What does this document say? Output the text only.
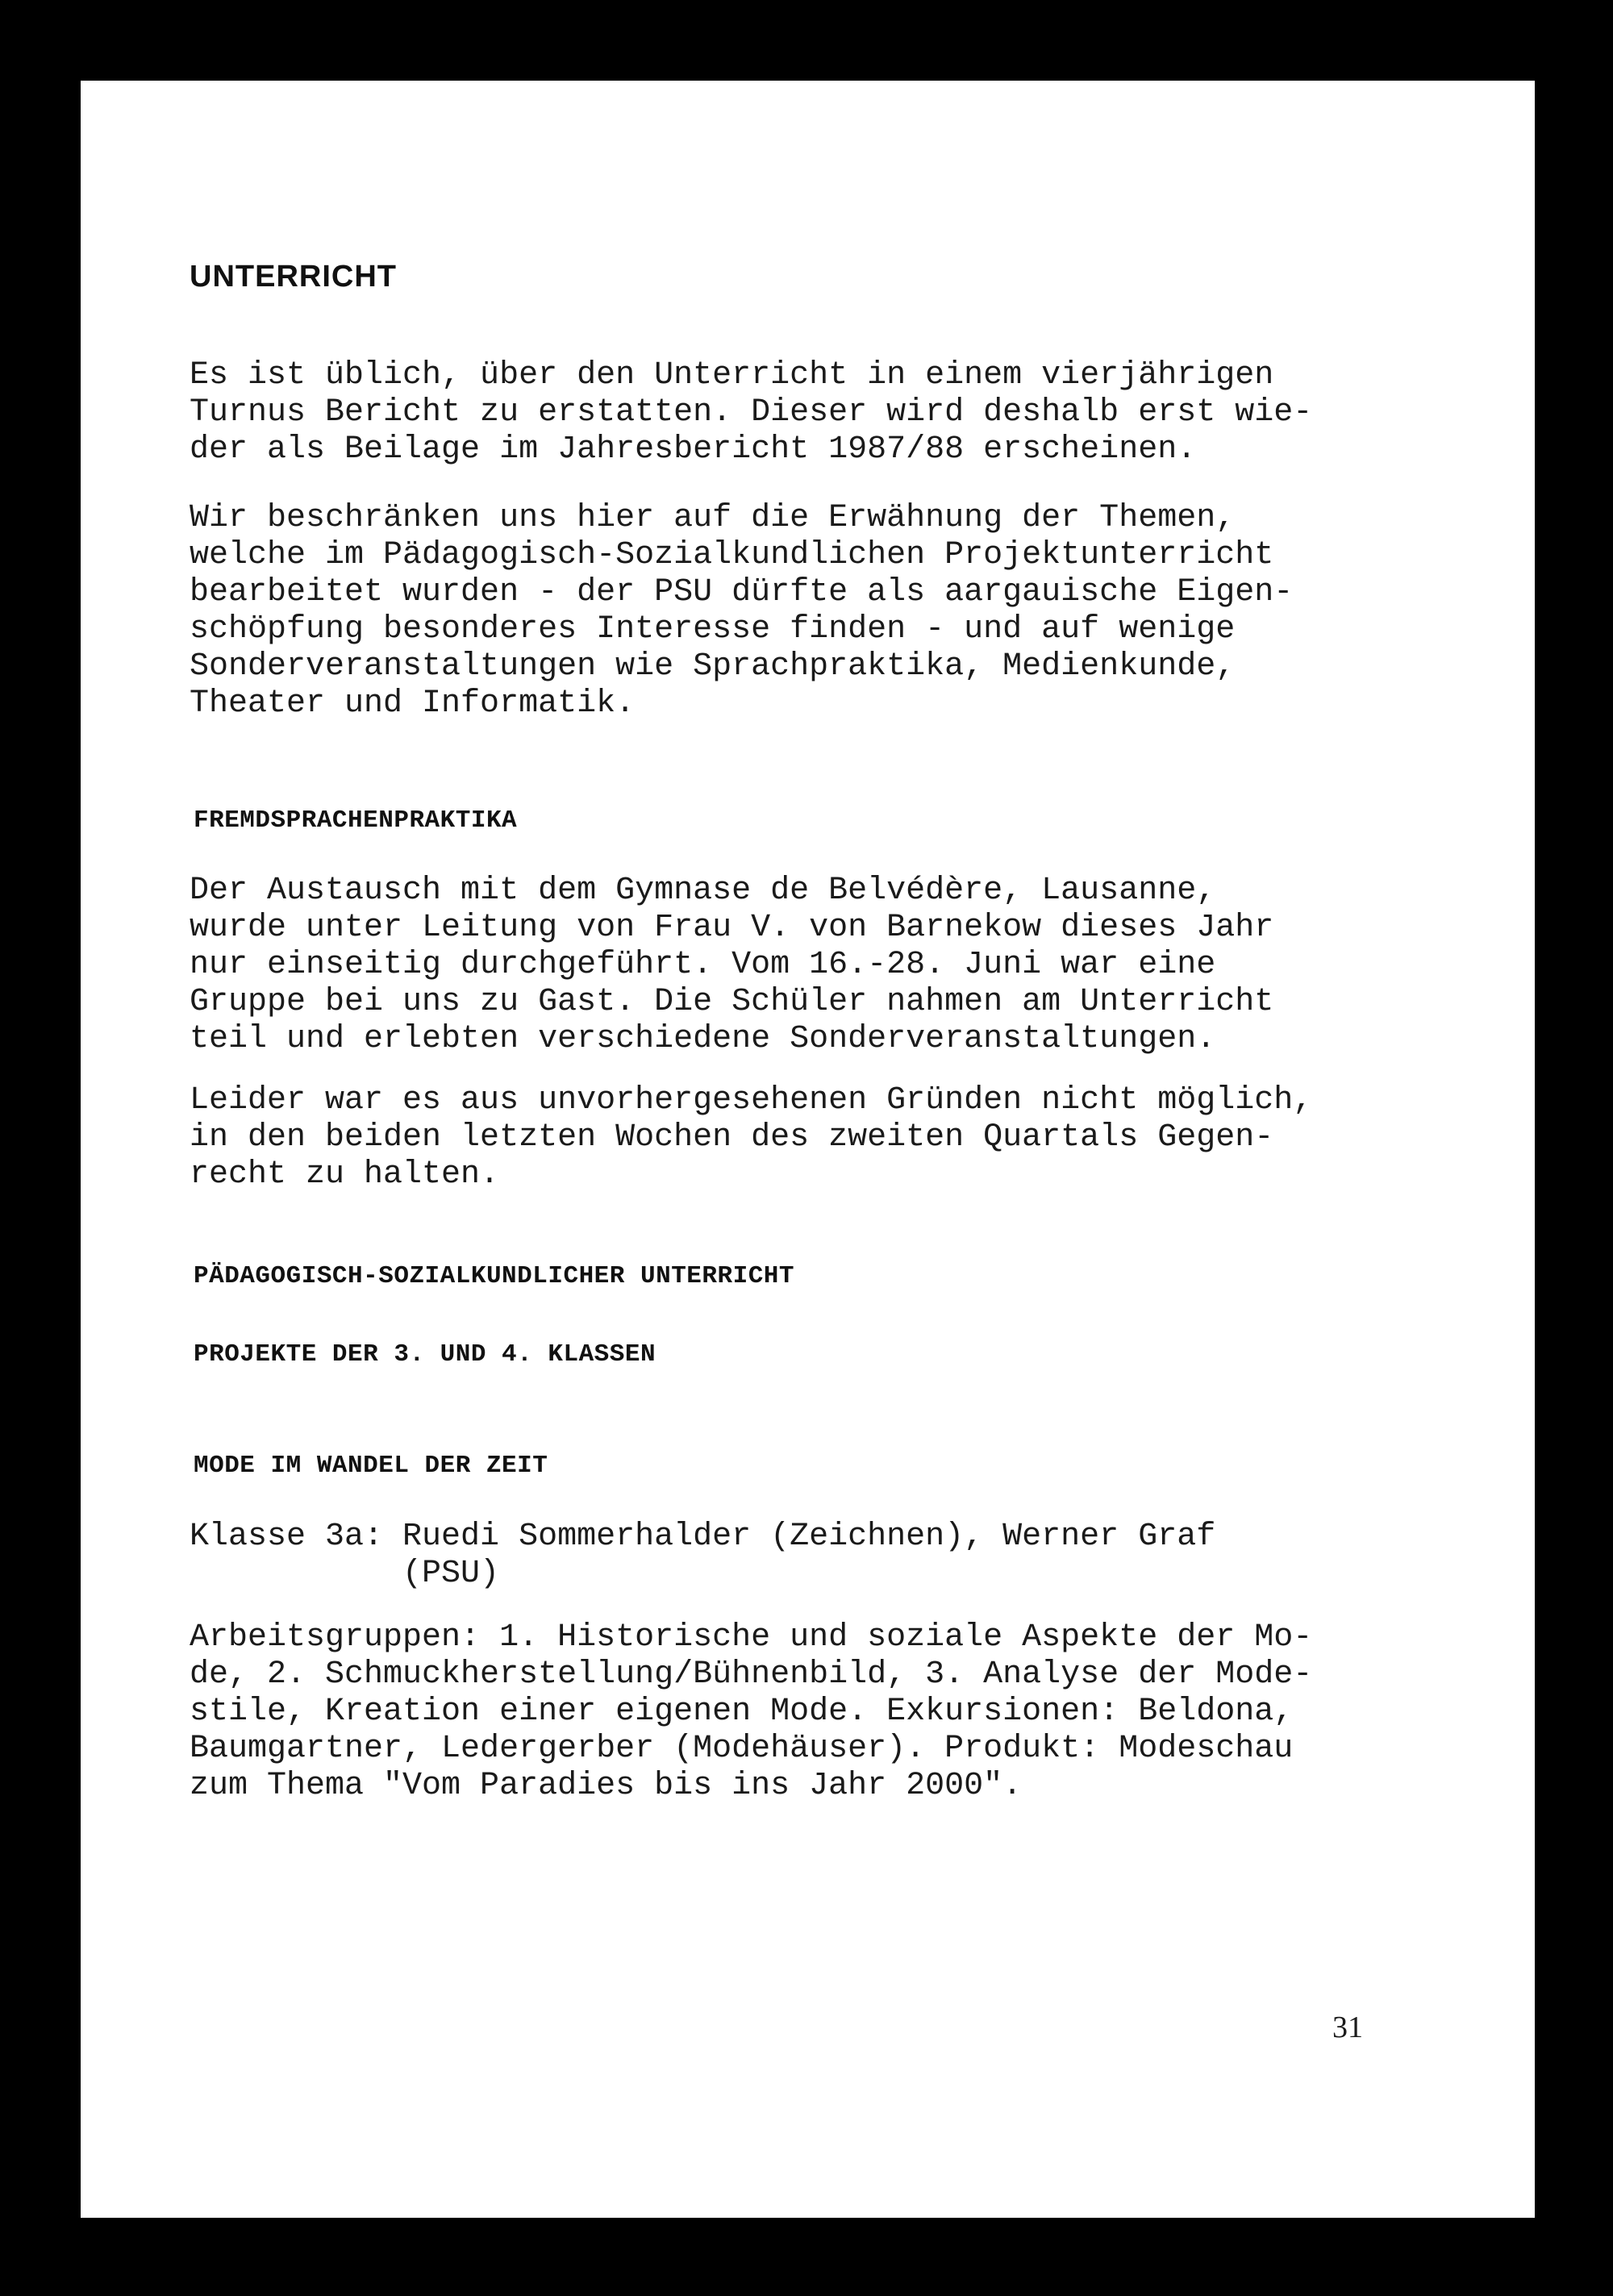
UNTERRICHT

Es ist üblich, über den Unterricht in einem vierjährigen
Turnus Bericht zu erstatten. Dieser wird deshalb erst wie-
der als Beilage im Jahresbericht 1987/88 erscheinen.

Wir beschränken uns hier auf die Erwähnung der Themen,
welche im Pädagogisch-Sozialkundlichen Projektunterricht
bearbeitet wurden - der PSU dürfte als aargauische Eigen-
schöpfung besonderes Interesse finden - und auf wenige
Sonderveranstaltungen wie Sprachpraktika, Medienkunde,
Theater und Informatik.

FREMDSPRACHENPRAKTIKA

Der Austausch mit dem Gymnase de Belvédère, Lausanne,
wurde unter Leitung von Frau V. von Barnekow dieses Jahr
nur einseitig durchgeführt. Vom 16.-28. Juni war eine
Gruppe bei uns zu Gast. Die Schüler nahmen am Unterricht
teil und erlebten verschiedene Sonderveranstaltungen.

Leider war es aus unvorhergesehenen Gründen nicht möglich,
in den beiden letzten Wochen des zweiten Quartals Gegen-
recht zu halten.

PÄDAGOGISCH-SOZIALKUNDLICHER UNTERRICHT
PROJEKTE DER 3. UND 4. KLASSEN
MODE IM WANDEL DER ZEIT

Klasse 3a: Ruedi Sommerhalder (Zeichnen), Werner Graf
(PSU)

Arbeitsgruppen: 1. Historische und soziale Aspekte der Mo-
de, 2. Schmuckherstellung/Bühnenbild, 3. Analyse der Mode-
stile, Kreation einer eigenen Mode. Exkursionen: Beldona,
Baumgartner, Ledergerber (Modehäuser). Produkt: Modeschau
zum Thema "Vom Paradies bis ins Jahr 2000".

31
